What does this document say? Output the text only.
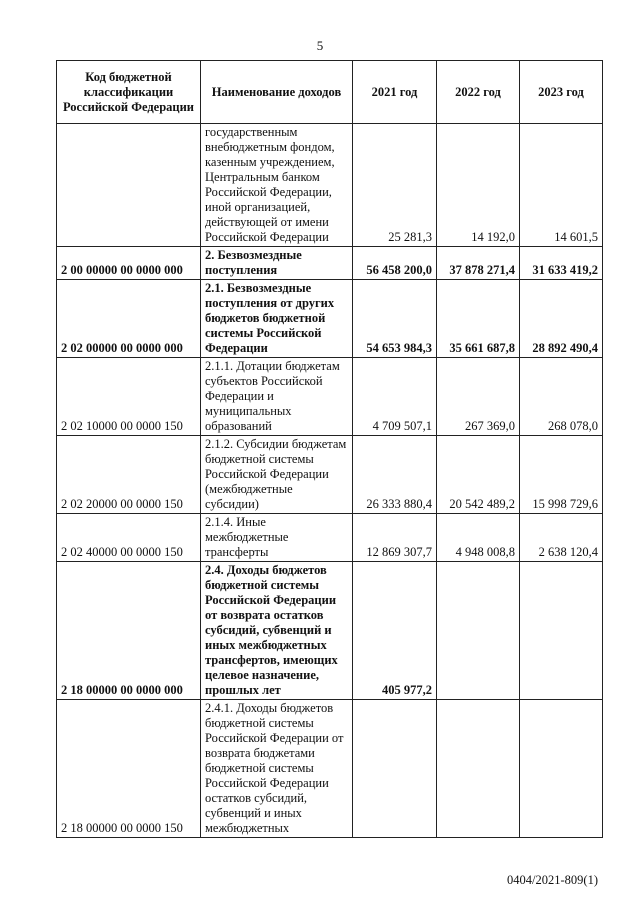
5
Код бюджетной классификации Российской Федерации	Наименование доходов	2021 год	2022 год	2023 год
	государственным внебюджетным фондом, казенным учреждением, Центральным банком Российской Федерации, иной организацией, действующей от имени Российской Федерации	25 281,3	14 192,0	14 601,5
2 00 00000 00 0000 000	2. Безвозмездные поступления	56 458 200,0	37 878 271,4	31 633 419,2
2 02 00000 00 0000 000	2.1. Безвозмездные поступления от других бюджетов бюджетной системы Российской Федерации	54 653 984,3	35 661 687,8	28 892 490,4
2 02 10000 00 0000 150	2.1.1. Дотации бюджетам субъектов Российской Федерации и муниципальных образований	4 709 507,1	267 369,0	268 078,0
2 02 20000 00 0000 150	2.1.2. Субсидии бюджетам бюджетной системы Российской Федерации (межбюджетные субсидии)	26 333 880,4	20 542 489,2	15 998 729,6
2 02 40000 00 0000 150	2.1.4. Иные межбюджетные трансферты	12 869 307,7	4 948 008,8	2 638 120,4
2 18 00000 00 0000 000	2.4. Доходы бюджетов бюджетной системы Российской Федерации от возврата остатков субсидий, субвенций и иных межбюджетных трансфертов, имеющих целевое назначение, прошлых лет	405 977,2		
2 18 00000 00 0000 150	2.4.1. Доходы бюджетов бюджетной системы Российской Федерации от возврата бюджетами бюджетной системы Российской Федерации остатков субсидий, субвенций и иных межбюджетных			
0404/2021-809(1)
